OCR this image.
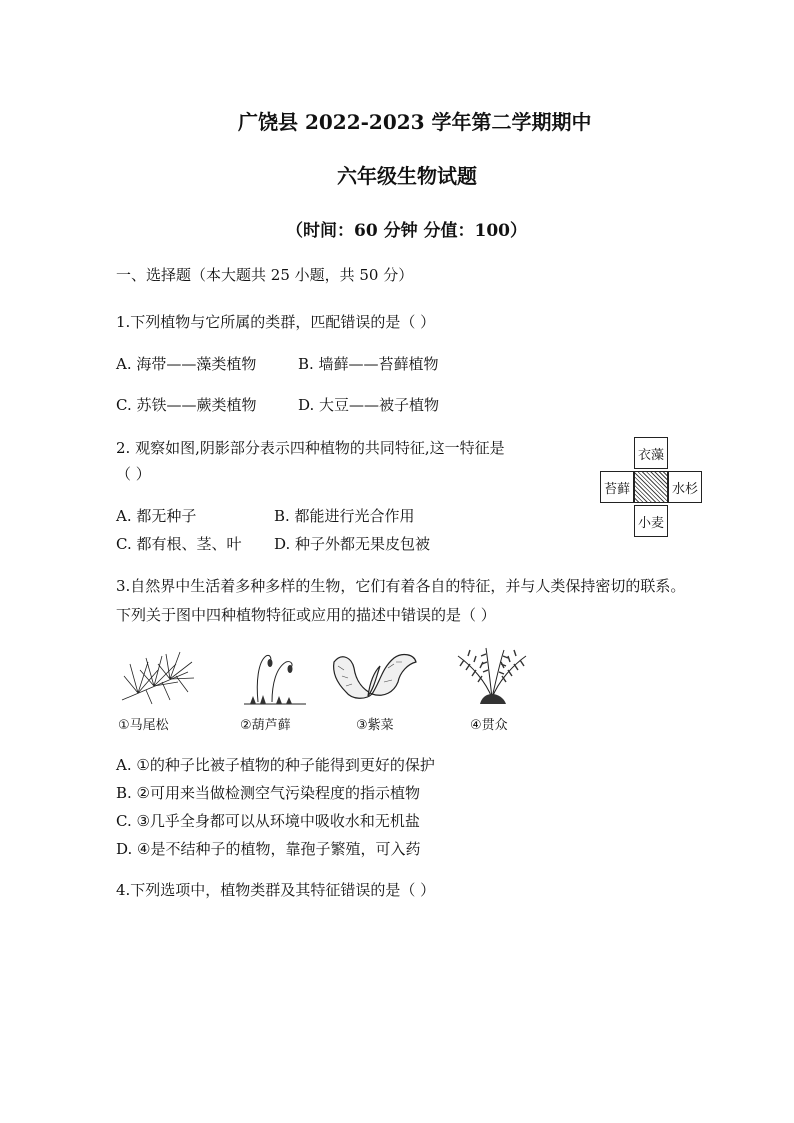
广饶县 2022-2023 学年第二学期期中
六年级生物试题
（时间：60 分钟 分值：100）
一、选择题（本大题共 25 小题，共 50 分）
1.下列植物与它所属的类群，匹配错误的是（ ）
A. 海带——藻类植物	B. 墙藓——苔藓植物
C. 苏铁——蕨类植物	D. 大豆——被子植物
2. 观察如图,阴影部分表示四种植物的共同特征,这一特征是
（ ）
A. 都无种子	B. 都能进行光合作用
C. 都有根、茎、叶 D. 种子外都无果皮包被
衣藻
苔藓	水杉
小麦
3.自然界中生活着多种多样的生物，它们有着各自的特征，并与人类保持密切的联系。
下列关于图中四种植物特征或应用的描述中错误的是（ ）
①马尾松	②葫芦藓	③紫菜	④贯众
A. ①的种子比被子植物的种子能得到更好的保护
B. ②可用来当做检测空气污染程度的指示植物
C. ③几乎全身都可以从环境中吸收水和无机盐
D. ④是不结种子的植物，靠孢子繁殖，可入药
4.下列选项中，植物类群及其特征错误的是（ ）
